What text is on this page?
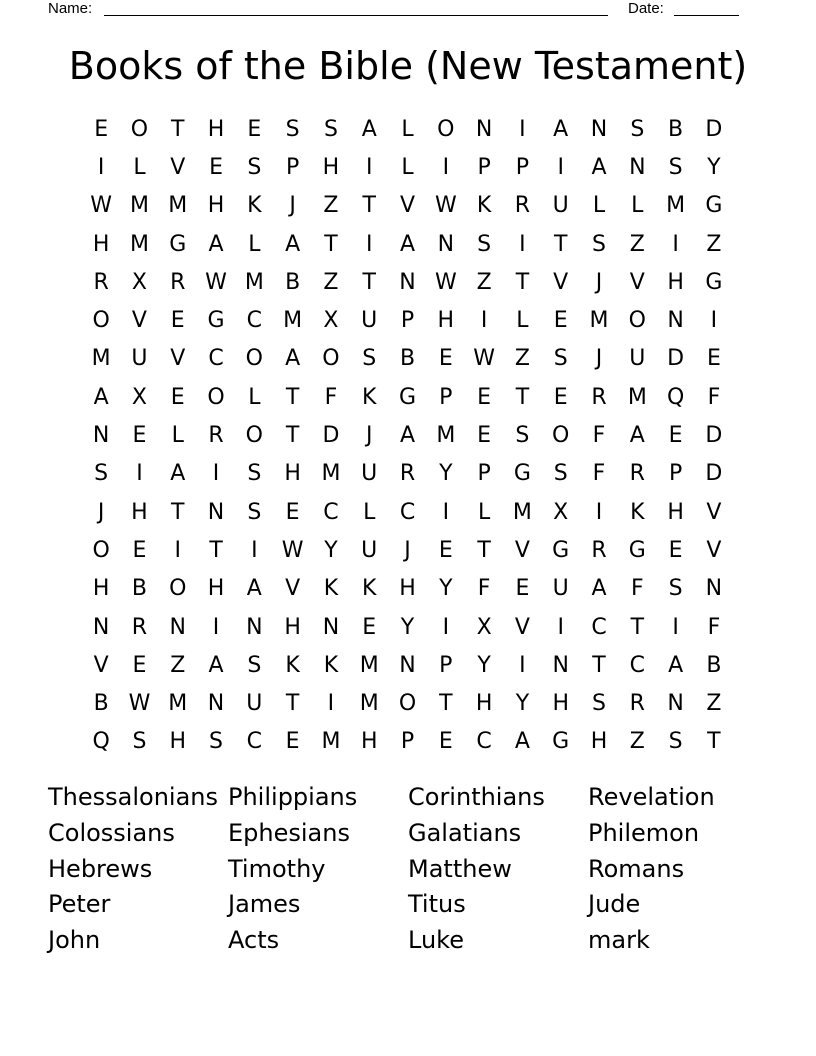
Name:	Date:
Books of the Bible (New Testament)
E	O	T	H	E	S	S	A	L	O N	I	A	N	S	B	D
I	L	V	E	S	P	H	I	L	I	P	P	I	A	N	S	Y
W M M H	K	J	Z	T	V W K	R	U	L	L	M G
H M G	A	L	A	T	I	A	N	S	I	T	S	Z	I	Z
R	X	R W M B	Z	T	N W Z	T	V	J	V	H G
O	V	E	G	C M X	U	P	H	I	L	E M O N	I
M U	V	C O	A	O	S	B	E W Z	S	J	U D	E
A	X	E	O	L	T	F	K	G	P	E	T	E	R M Q	F
N	E	L	R O	T	D	J	A M E	S	O	F	A	E	D
S	I	A	I	S	H M U	R	Y	P	G	S	F	R	P	D
J	H	T	N	S	E	C	L	C	I	L	M X	I	K	H	V
O	E	I	T	I	W Y	U	J	E	T	V	G	R	G	E	V
H	B	O H	A	V	K	K	H	Y	F	E	U	A	F	S	N
N	R	N	I	N H N	E	Y	I	X	V	I	C	T	I	F
V	E	Z	A	S	K	K M N	P	Y	I	N	T	C	A	B
B W M N	U	T	I	M O	T	H	Y	H	S	R	N	Z
Q	S	H	S	C	E M H	P	E	C	A	G H	Z	S	T
Thessalonians Philippians	Corinthians	Revelation
Colossians	Ephesians	Galatians	Philemon
Hebrews	Timothy	Matthew	Romans
Peter	James	Titus	Jude
John	Acts	Luke	mark
